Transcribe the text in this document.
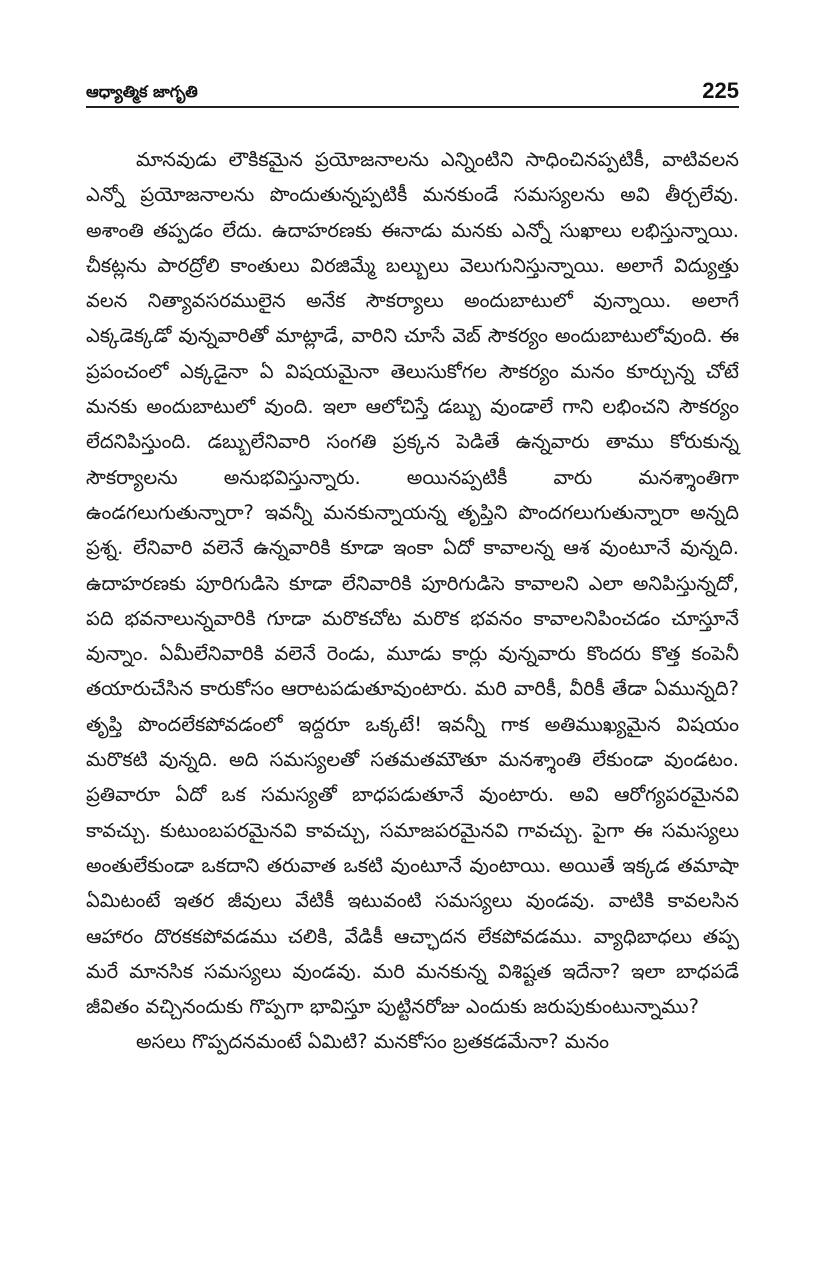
ఆధ్యాత్మిక జాగృతి	225

మానవుడు లౌకికమైన ప్రయోజనాలను ఎన్నింటిని సాధించినప్పటికీ, వాటివలన ఎన్నో ప్రయోజనాలను పొందుతున్నప్పటికీ మనకుండే సమస్యలను అవి తీర్చలేవు. అశాంతి తప్పడం లేదు. ఉదాహరణకు ఈనాడు మనకు ఎన్నో సుఖాలు లభిస్తున్నాయి. చీకట్లను పారద్రోలి కాంతులు విరజిమ్మే బల్బులు వెలుగునిస్తున్నాయి. అలాగే విద్యుత్తు వలన నిత్యావసరములైన అనేక సౌకర్యాలు అందుబాటులో వున్నాయి. అలాగే ఎక్కడెక్కడో వున్నవారితో మాట్లాడే, వారిని చూసే వెబ్ సౌకర్యం అందుబాటులోవుంది. ఈ ప్రపంచంలో ఎక్కడైనా ఏ విషయమైనా తెలుసుకోగల సౌకర్యం మనం కూర్చున్న చోటే మనకు అందుబాటులో వుంది. ఇలా ఆలోచిస్తే డబ్బు వుండాలే గాని లభించని సౌకర్యం లేదనిపిస్తుంది. డబ్బులేనివారి సంగతి ప్రక్కన పెడితే ఉన్నవారు తాము కోరుకున్న సౌకర్యాలను అనుభవిస్తున్నారు. అయినప్పటికీ వారు మనశ్శాంతిగా ఉండగలుగుతున్నారా? ఇవన్నీ మనకున్నాయన్న తృప్తిని పొందగలుగుతున్నారా అన్నది ప్రశ్న. లేనివారి వలెనే ఉన్నవారికి కూడా ఇంకా ఏదో కావాలన్న ఆశ వుంటూనే వున్నది. ఉదాహరణకు పూరిగుడిసె కూడా లేనివారికి పూరిగుడిసె కావాలని ఎలా అనిపిస్తున్నదో, పది భవనాలున్నవారికి గూడా మరొకచోట మరొక భవనం కావాలనిపించడం చూస్తూనే వున్నాం. ఏమీలేనివారికి వలెనే రెండు, మూడు కార్లు వున్నవారు కొందరు కొత్త కంపెనీ తయారుచేసిన కారుకోసం ఆరాటపడుతూవుంటారు. మరి వారికీ, వీరికీ తేడా ఏమున్నది? తృప్తి పొందలేకపోవడంలో ఇద్దరూ ఒక్కటే! ఇవన్నీ గాక అతిముఖ్యమైన విషయం మరొకటి వున్నది. అది సమస్యలతో సతమతమౌతూ మనశ్శాంతి లేకుండా వుండటం. ప్రతివారూ ఏదో ఒక సమస్యతో బాధపడుతూనే వుంటారు. అవి ఆరోగ్యపరమైనవి కావచ్చు. కుటుంబపరమైనవి కావచ్చు, సమాజపరమైనవి గావచ్చు. పైగా ఈ సమస్యలు అంతులేకుండా ఒకదాని తరువాత ఒకటి వుంటూనే వుంటాయి. అయితే ఇక్కడ తమాషా ఏమిటంటే ఇతర జీవులు వేటికీ ఇటువంటి సమస్యలు వుండవు. వాటికి కావలసిన ఆహారం దొరకకపోవడము చలికి, వేడికీ ఆచ్ఛాదన లేకపోవడము. వ్యాధిబాధలు తప్ప మరే మానసిక సమస్యలు వుండవు. మరి మనకున్న విశిష్టత ఇదేనా? ఇలా బాధపడే జీవితం వచ్చినందుకు గొప్పగా భావిస్తూ పుట్టినరోజు ఎందుకు జరుపుకుంటున్నాము?

అసలు గొప్పదనమంటే ఏమిటి? మనకోసం బ్రతకడమేనా? మనం
